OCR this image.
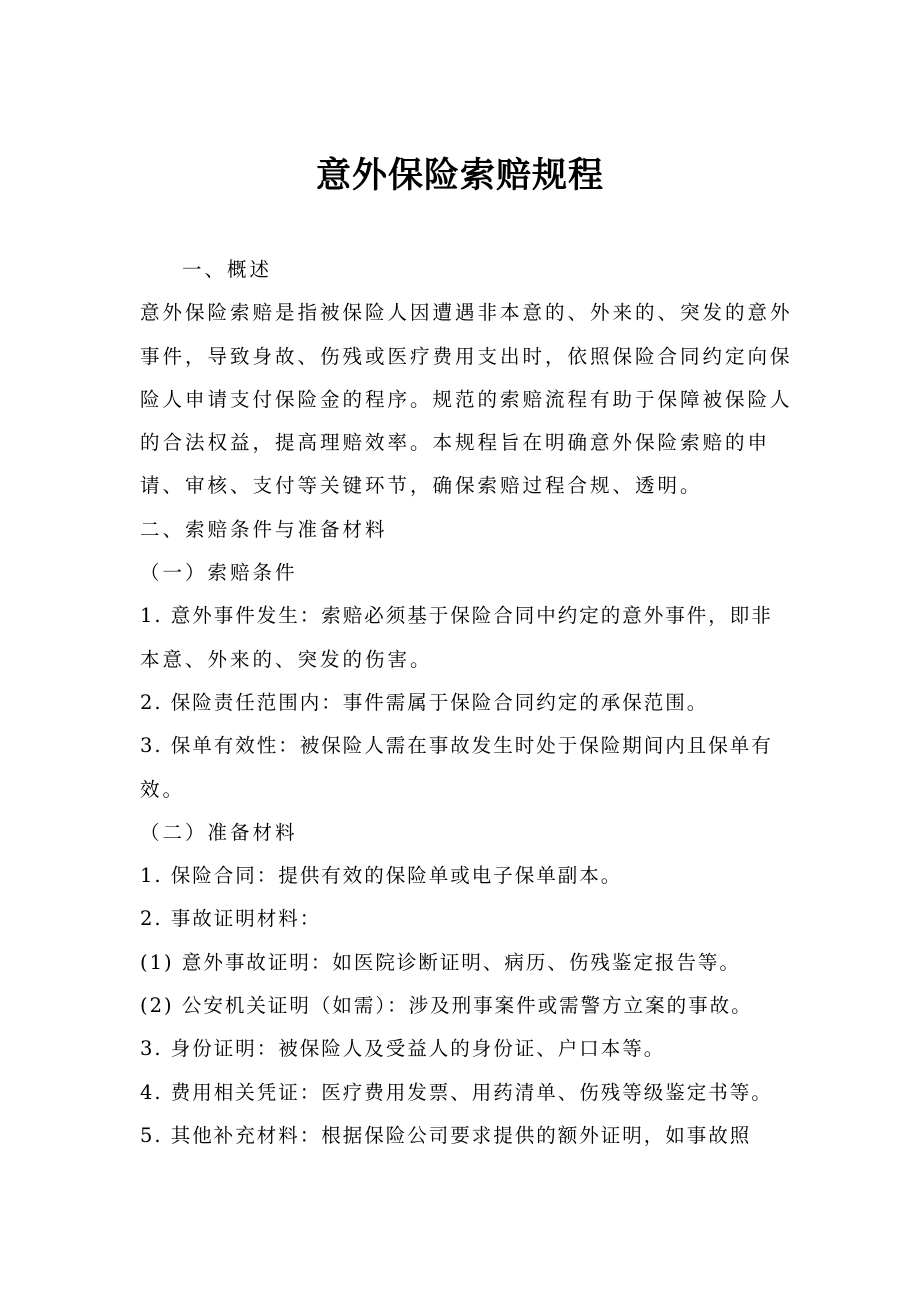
意外保险索赔规程
一、概述
意外保险索赔是指被保险人因遭遇非本意的、外来的、突发的意外
事件，导致身故、伤残或医疗费用支出时，依照保险合同约定向保
险人申请支付保险金的程序。规范的索赔流程有助于保障被保险人
的合法权益，提高理赔效率。本规程旨在明确意外保险索赔的申
请、审核、支付等关键环节，确保索赔过程合规、透明。
二、索赔条件与准备材料
（一）索赔条件
1. 意外事件发生：索赔必须基于保险合同中约定的意外事件，即非
本意、外来的、突发的伤害。
2. 保险责任范围内：事件需属于保险合同约定的承保范围。
3. 保单有效性：被保险人需在事故发生时处于保险期间内且保单有
效。
（二）准备材料
1. 保险合同：提供有效的保险单或电子保单副本。
2. 事故证明材料：
(1) 意外事故证明：如医院诊断证明、病历、伤残鉴定报告等。
(2) 公安机关证明（如需）：涉及刑事案件或需警方立案的事故。
3. 身份证明：被保险人及受益人的身份证、户口本等。
4. 费用相关凭证：医疗费用发票、用药清单、伤残等级鉴定书等。
5. 其他补充材料：根据保险公司要求提供的额外证明，如事故照
